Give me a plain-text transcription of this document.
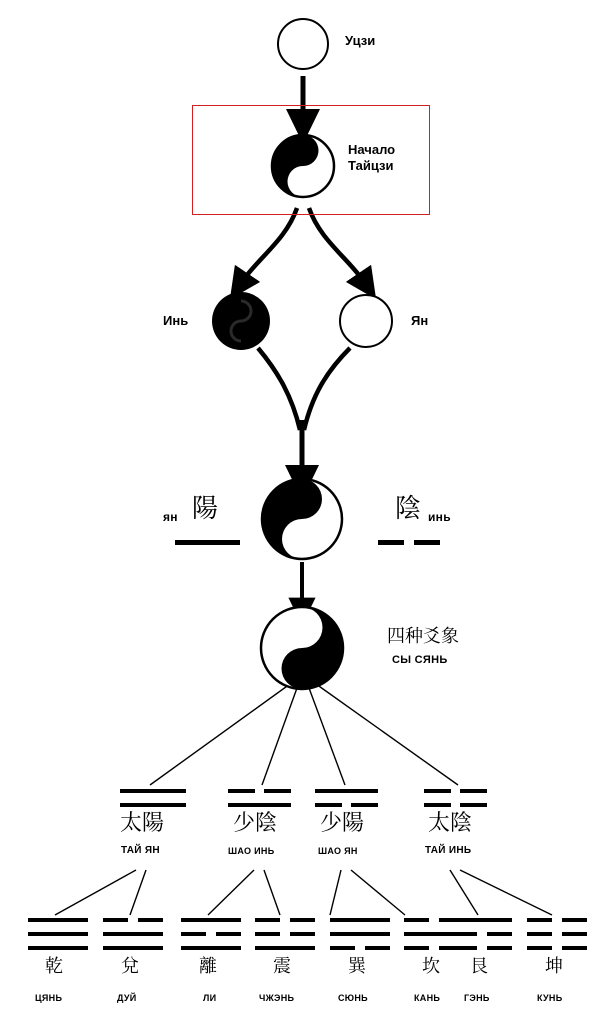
Уцзи
Начало
Тайцзи
Инь	Ян
ян 陽	陰 инь
四种爻象
СЫ СЯНЬ
太陽
ТАЙ ЯН
少陰
ШАО ИНЬ
少陽
ШАО ЯН
太陰
ТАЙ ИНЬ
乾
ЦЯНЬ
兌
ДУЙ
離
ЛИ
震
ЧЖЭНЬ
巽
СЮНЬ
坎
КАНЬ
艮
ГЭНЬ
坤
КУНЬ
